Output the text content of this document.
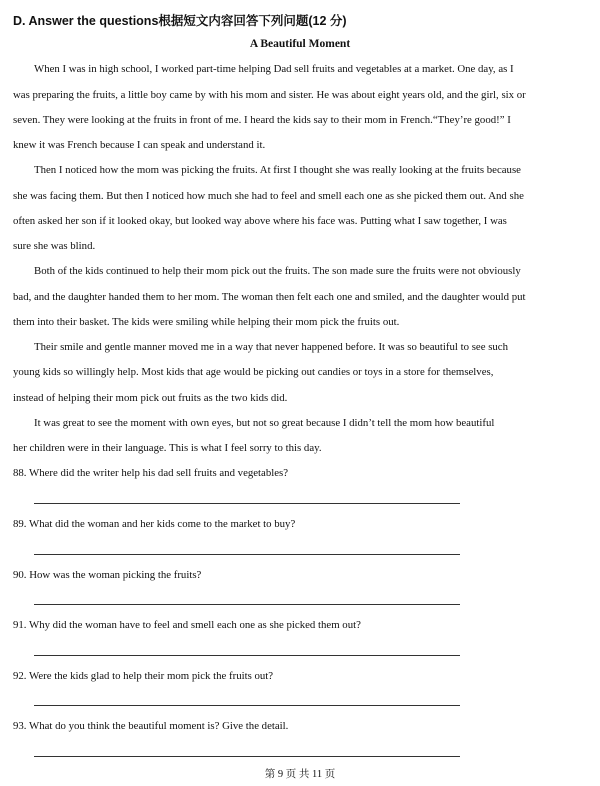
D. Answer the questions根据短文内容回答下列问题(12 分)
A Beautiful Moment
When I was in high school, I worked part-time helping Dad sell fruits and vegetables at a market. One day, as I
was preparing the fruits, a little boy came by with his mom and sister. He was about eight years old, and the girl, six or
seven. They were looking at the fruits in front of me. I heard the kids say to their mom in French.“They’re good!” I
knew it was French because I can speak and understand it.
Then I noticed how the mom was picking the fruits. At first I thought she was really looking at the fruits because
she was facing them. But then I noticed how much she had to feel and smell each one as she picked them out. And she
often asked her son if it looked okay, but looked way above where his face was. Putting what I saw together, I was
sure she was blind.
Both of the kids continued to help their mom pick out the fruits. The son made sure the fruits were not obviously
bad, and the daughter handed them to her mom. The woman then felt each one and smiled, and the daughter would put
them into their basket. The kids were smiling while helping their mom pick the fruits out.
Their smile and gentle manner moved me in a way that never happened before. It was so beautiful to see such
young kids so willingly help. Most kids that age would be picking out candies or toys in a store for themselves,
instead of helping their mom pick out fruits as the two kids did.
It was great to see the moment with own eyes, but not so great because I didn’t tell the mom how beautiful
her children were in their language. This is what I feel sorry to this day.
88. Where did the writer help his dad sell fruits and vegetables?
89. What did the woman and her kids come to the market to buy?
90. How was the woman picking the fruits?
91. Why did the woman have to feel and smell each one as she picked them out?
92. Were the kids glad to help their mom pick the fruits out?
93. What do you think the beautiful moment is? Give the detail.
第 9 页 共 11 页
